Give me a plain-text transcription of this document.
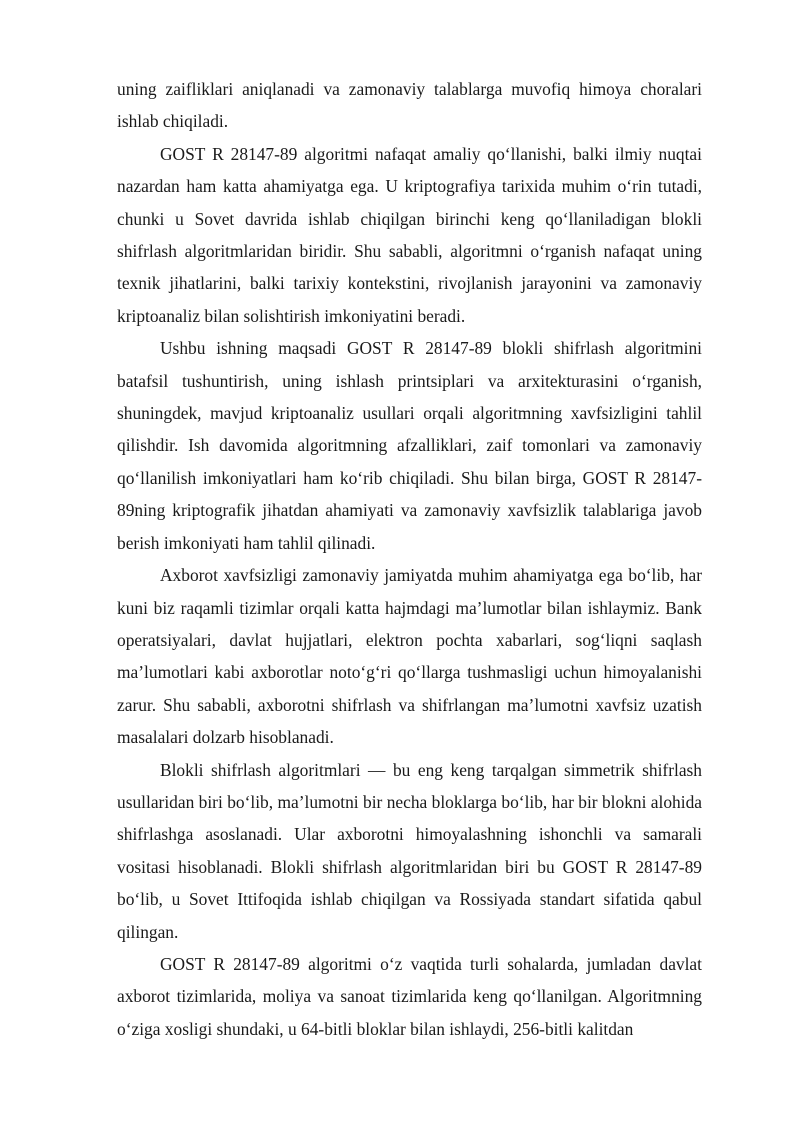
uning zaifliklari aniqlanadi va zamonaviy talablarga muvofiq himoya choralari ishlab chiqiladi.

GOST R 28147-89 algoritmi nafaqat amaliy qo‘llanishi, balki ilmiy nuqtai nazardan ham katta ahamiyatga ega. U kriptografiya tarixida muhim o‘rin tutadi, chunki u Sovet davrida ishlab chiqilgan birinchi keng qo‘llaniladigan blokli shifrlash algoritmlaridan biridir. Shu sababli, algoritmni o‘rganish nafaqat uning texnik jihatlarini, balki tarixiy kontekstini, rivojlanish jarayonini va zamonaviy kriptoanaliz bilan solishtirish imkoniyatini beradi.

Ushbu ishning maqsadi GOST R 28147-89 blokli shifrlash algoritmini batafsil tushuntirish, uning ishlash printsiplari va arxitekturasini o‘rganish, shuningdek, mavjud kriptoanaliz usullari orqali algoritmning xavfsizligini tahlil qilishdir. Ish davomida algoritmning afzalliklari, zaif tomonlari va zamonaviy qo‘llanilish imkoniyatlari ham ko‘rib chiqiladi. Shu bilan birga, GOST R 28147-89ning kriptografik jihatdan ahamiyati va zamonaviy xavfsizlik talablariga javob berish imkoniyati ham tahlil qilinadi.

Axborot xavfsizligi zamonaviy jamiyatda muhim ahamiyatga ega bo‘lib, har kuni biz raqamli tizimlar orqali katta hajmdagi ma’lumotlar bilan ishlaymiz. Bank operatsiyalari, davlat hujjatlari, elektron pochta xabarlari, sog‘liqni saqlash ma’lumotlari kabi axborotlar noto‘g‘ri qo‘llarga tushmasligi uchun himoyalanishi zarur. Shu sababli, axborotni shifrlash va shifrlangan ma’lumotni xavfsiz uzatish masalalari dolzarb hisoblanadi.

Blokli shifrlash algoritmlari — bu eng keng tarqalgan simmetrik shifrlash usullaridan biri bo‘lib, ma’lumotni bir necha bloklarga bo‘lib, har bir blokni alohida shifrlashga asoslanadi. Ular axborotni himoyalashning ishonchli va samarali vositasi hisoblanadi. Blokli shifrlash algoritmlaridan biri bu GOST R 28147-89 bo‘lib, u Sovet Ittifoqida ishlab chiqilgan va Rossiyada standart sifatida qabul qilingan.

GOST R 28147-89 algoritmi o‘z vaqtida turli sohalarda, jumladan davlat axborot tizimlarida, moliya va sanoat tizimlarida keng qo‘llanilgan. Algoritmning o‘ziga xosligi shundaki, u 64-bitli bloklar bilan ishlaydi, 256-bitli kalitdan
